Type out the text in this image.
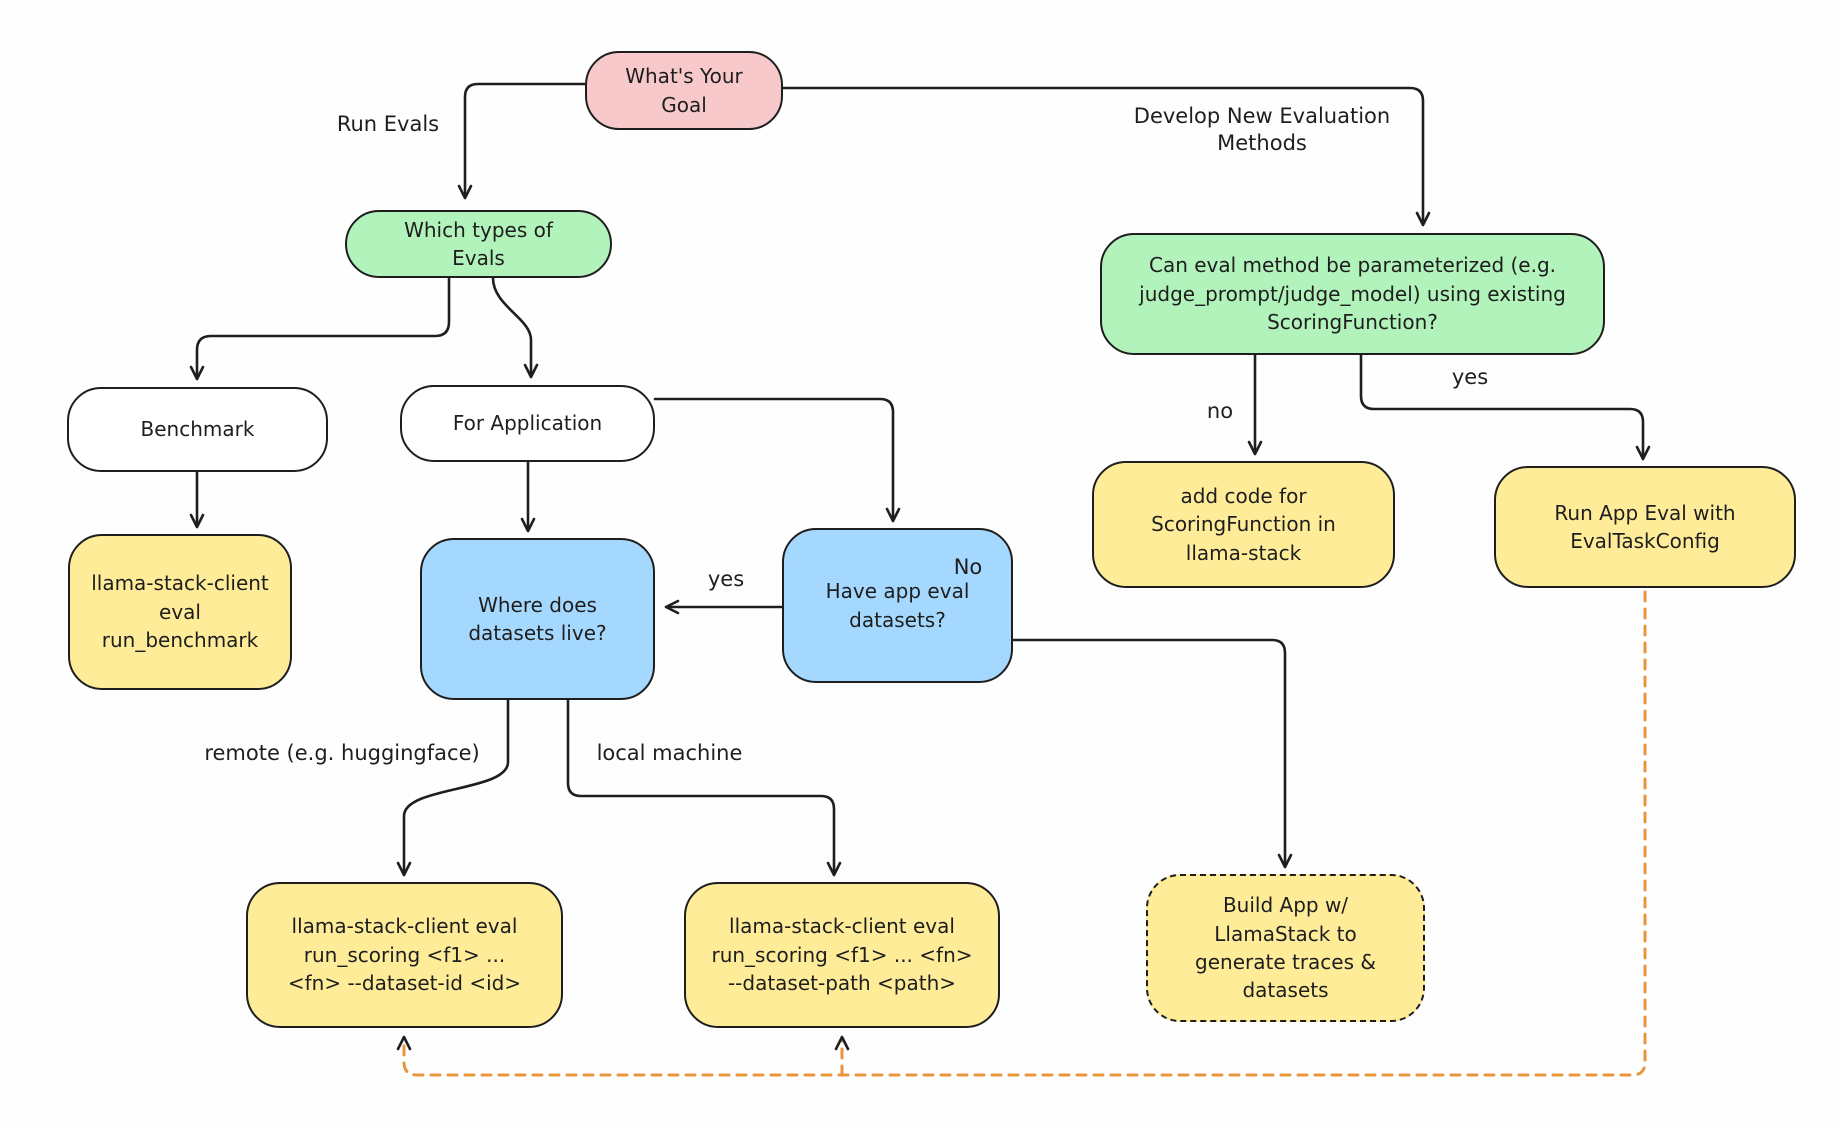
What's Your Goal
Which types of Evals	Can eval method be parameterized (e.g. judge_prompt/judge_model) using existing ScoringFunction?
Benchmark	For Application
llama-stack-client eval run_benchmark
Where does datasets live?
Have app eval datasets?
add code for ScoringFunction in llama-stack
Run App Eval with EvalTaskConfig
llama-stack-client eval run_scoring <f1> ... <fn> --dataset-id <id>
llama-stack-client eval run_scoring <f1> ... <fn> --dataset-path <path>
Build App w/ LlamaStack to generate traces & datasets
Run Evals	Develop New Evaluation Methods
no
yes
yes	No
remote (e.g. huggingface)	local machine
